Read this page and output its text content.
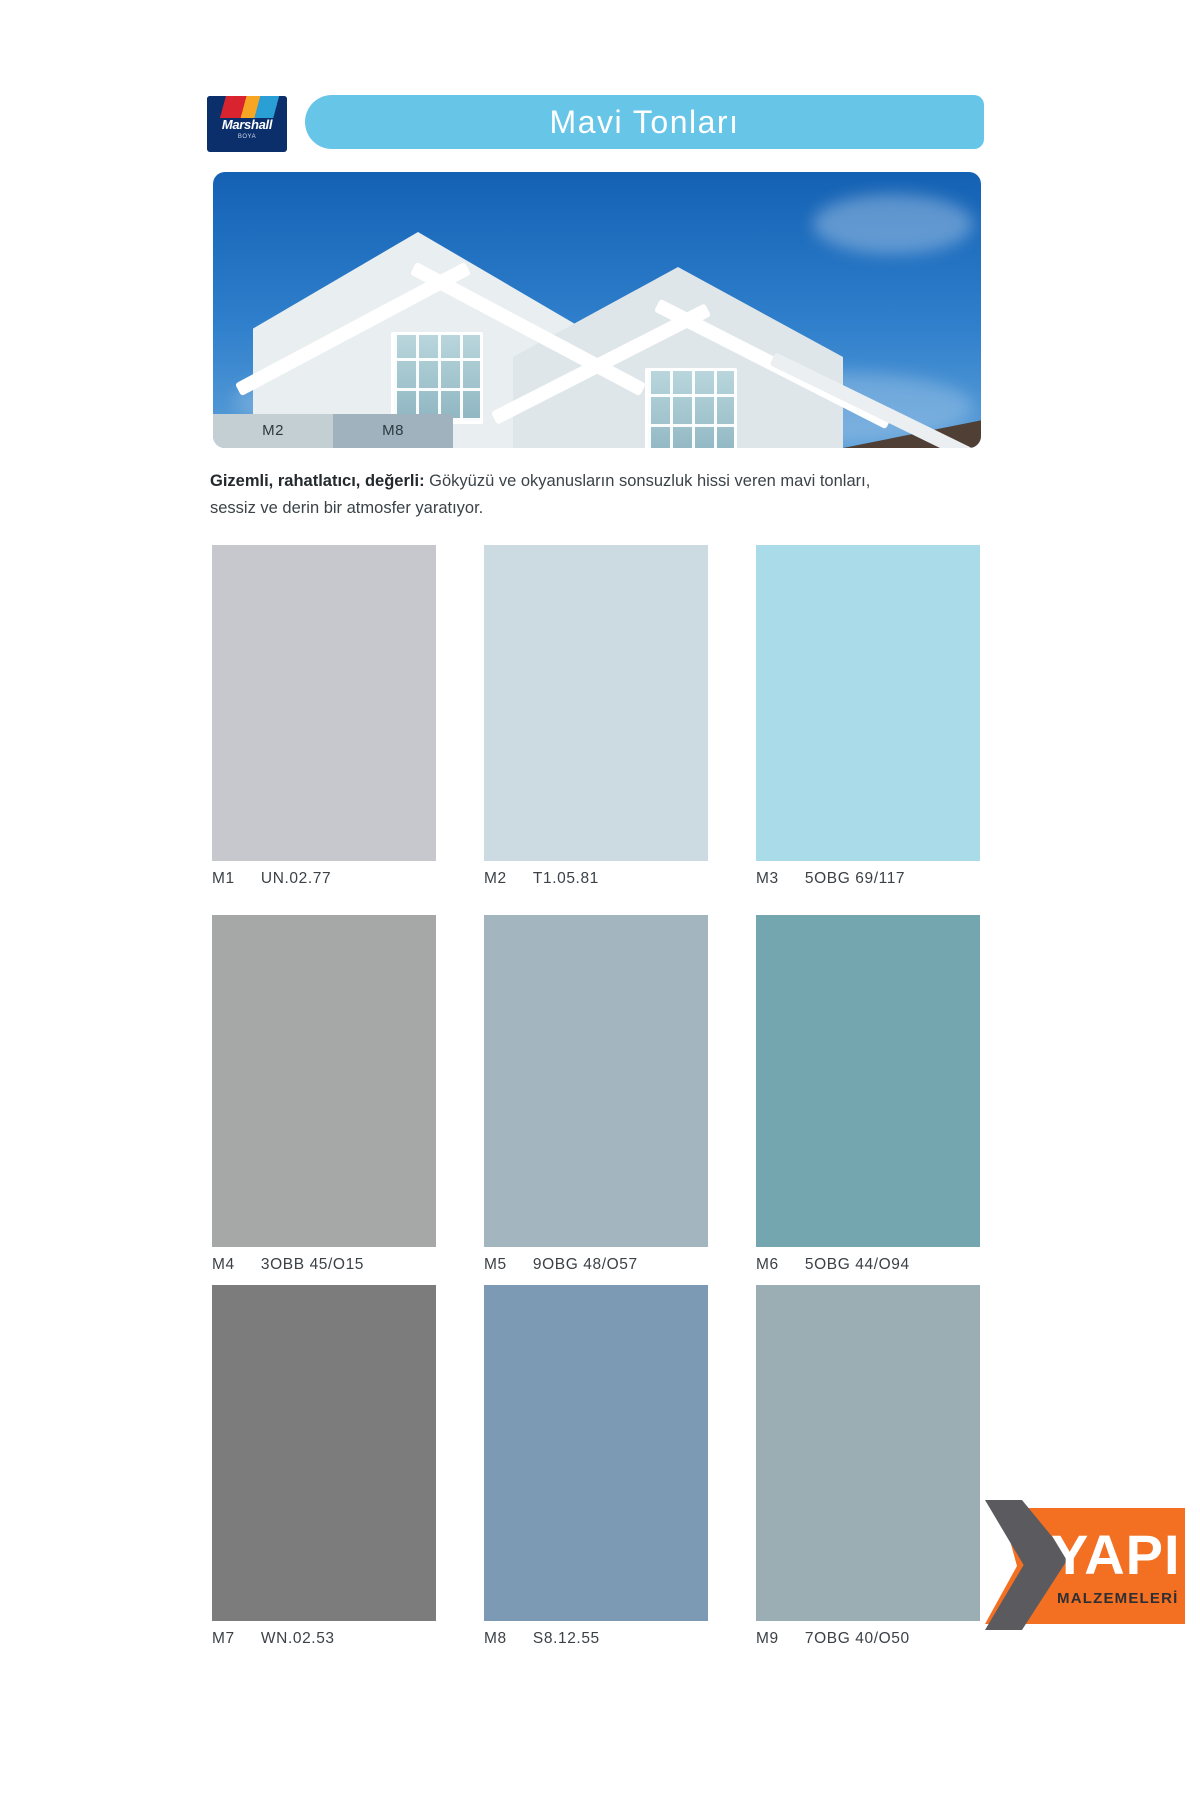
Mavi Tonları
Marshall
BOYA
M2	M8
Gizemli, rahatlatıcı, değerli: Gökyüzü ve okyanusların sonsuzluk hissi veren mavi tonları, sessiz ve derin bir atmosfer yaratıyor.
M1 UN.02.77	M2 T1.05.81	M3 5OBG 69/117
M4 3OBB 45/O15	M5 9OBG 48/O57	M6 5OBG 44/O94
M7 WN.02.53	M8 S8.12.55	M9 7OBG 40/O50
YAPI
MALZEMELERİ
